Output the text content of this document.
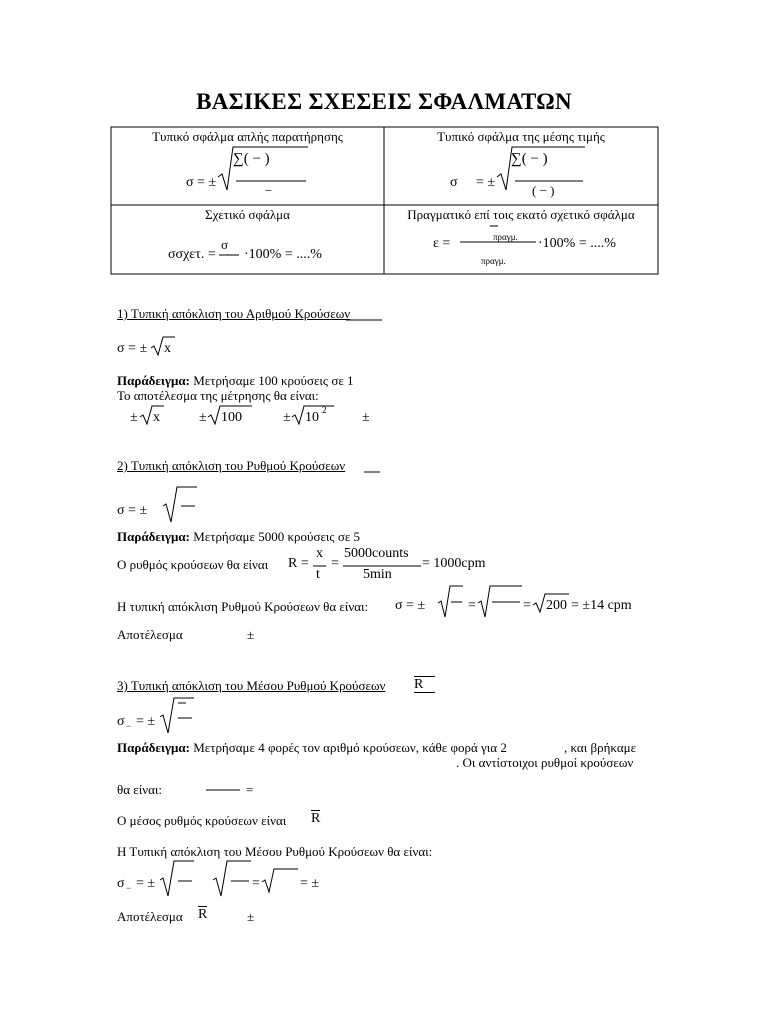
ΒΑΣΙΚΕΣ ΣΧΕΣΕΙΣ ΣΦΑΛΜΑΤΩΝ
Τυπικό σφάλμα απλής παρατήρησης
σ = ±
∑( − )
−
Τυπικό σφάλμα της μέσης τιμής
σ = ±
∑( − )
( − )
Σχετικό σφάλμα
σ
σσχετ. = ·100% = ....%
Πραγματικό επί τοις εκατό σχετικό σφάλμα
ε =	πραγμ.
πραγμ.
·100% = ....%
1) Τυπική απόκλιση του Αριθμού Κρούσεων
σ = ± x
Παράδειγμα: Μετρήσαμε 100 κρούσεις σε 1
Το αποτέλεσμα της μέτρησης θα είναι:
± x	± 100	± 10 2	±
2) Τυπική απόκλιση του Ρυθμού Κρούσεων
σ = ±
Παράδειγμα: Μετρήσαμε 5000 κρούσεις σε 5
Ο ρυθμός κρούσεων θα είναι R =
x
t
=
5000counts
5min
= 1000cpm
Η τυπική απόκλιση Ρυθμού Κρούσεων θα είναι: σ = ±	=	= 200 = ±14 cpm
Αποτέλεσμα	±
3) Τυπική απόκλιση του Μέσου Ρυθμού Κρούσεων R
σ − = ±
Παράδειγμα: Μετρήσαμε 4 φορές τον αριθμό κρούσεων, κάθε φορά για 2	, και βρήκαμε
. Οι αντίστοιχοι ρυθμοί κρούσεων
θα είναι:	=
Ο μέσος ρυθμός κρούσεων είναι R
Η Τυπική απόκλιση του Μέσου Ρυθμού Κρούσεων θα είναι:
σ − = ±	=	= ±
Αποτέλεσμα R	±
